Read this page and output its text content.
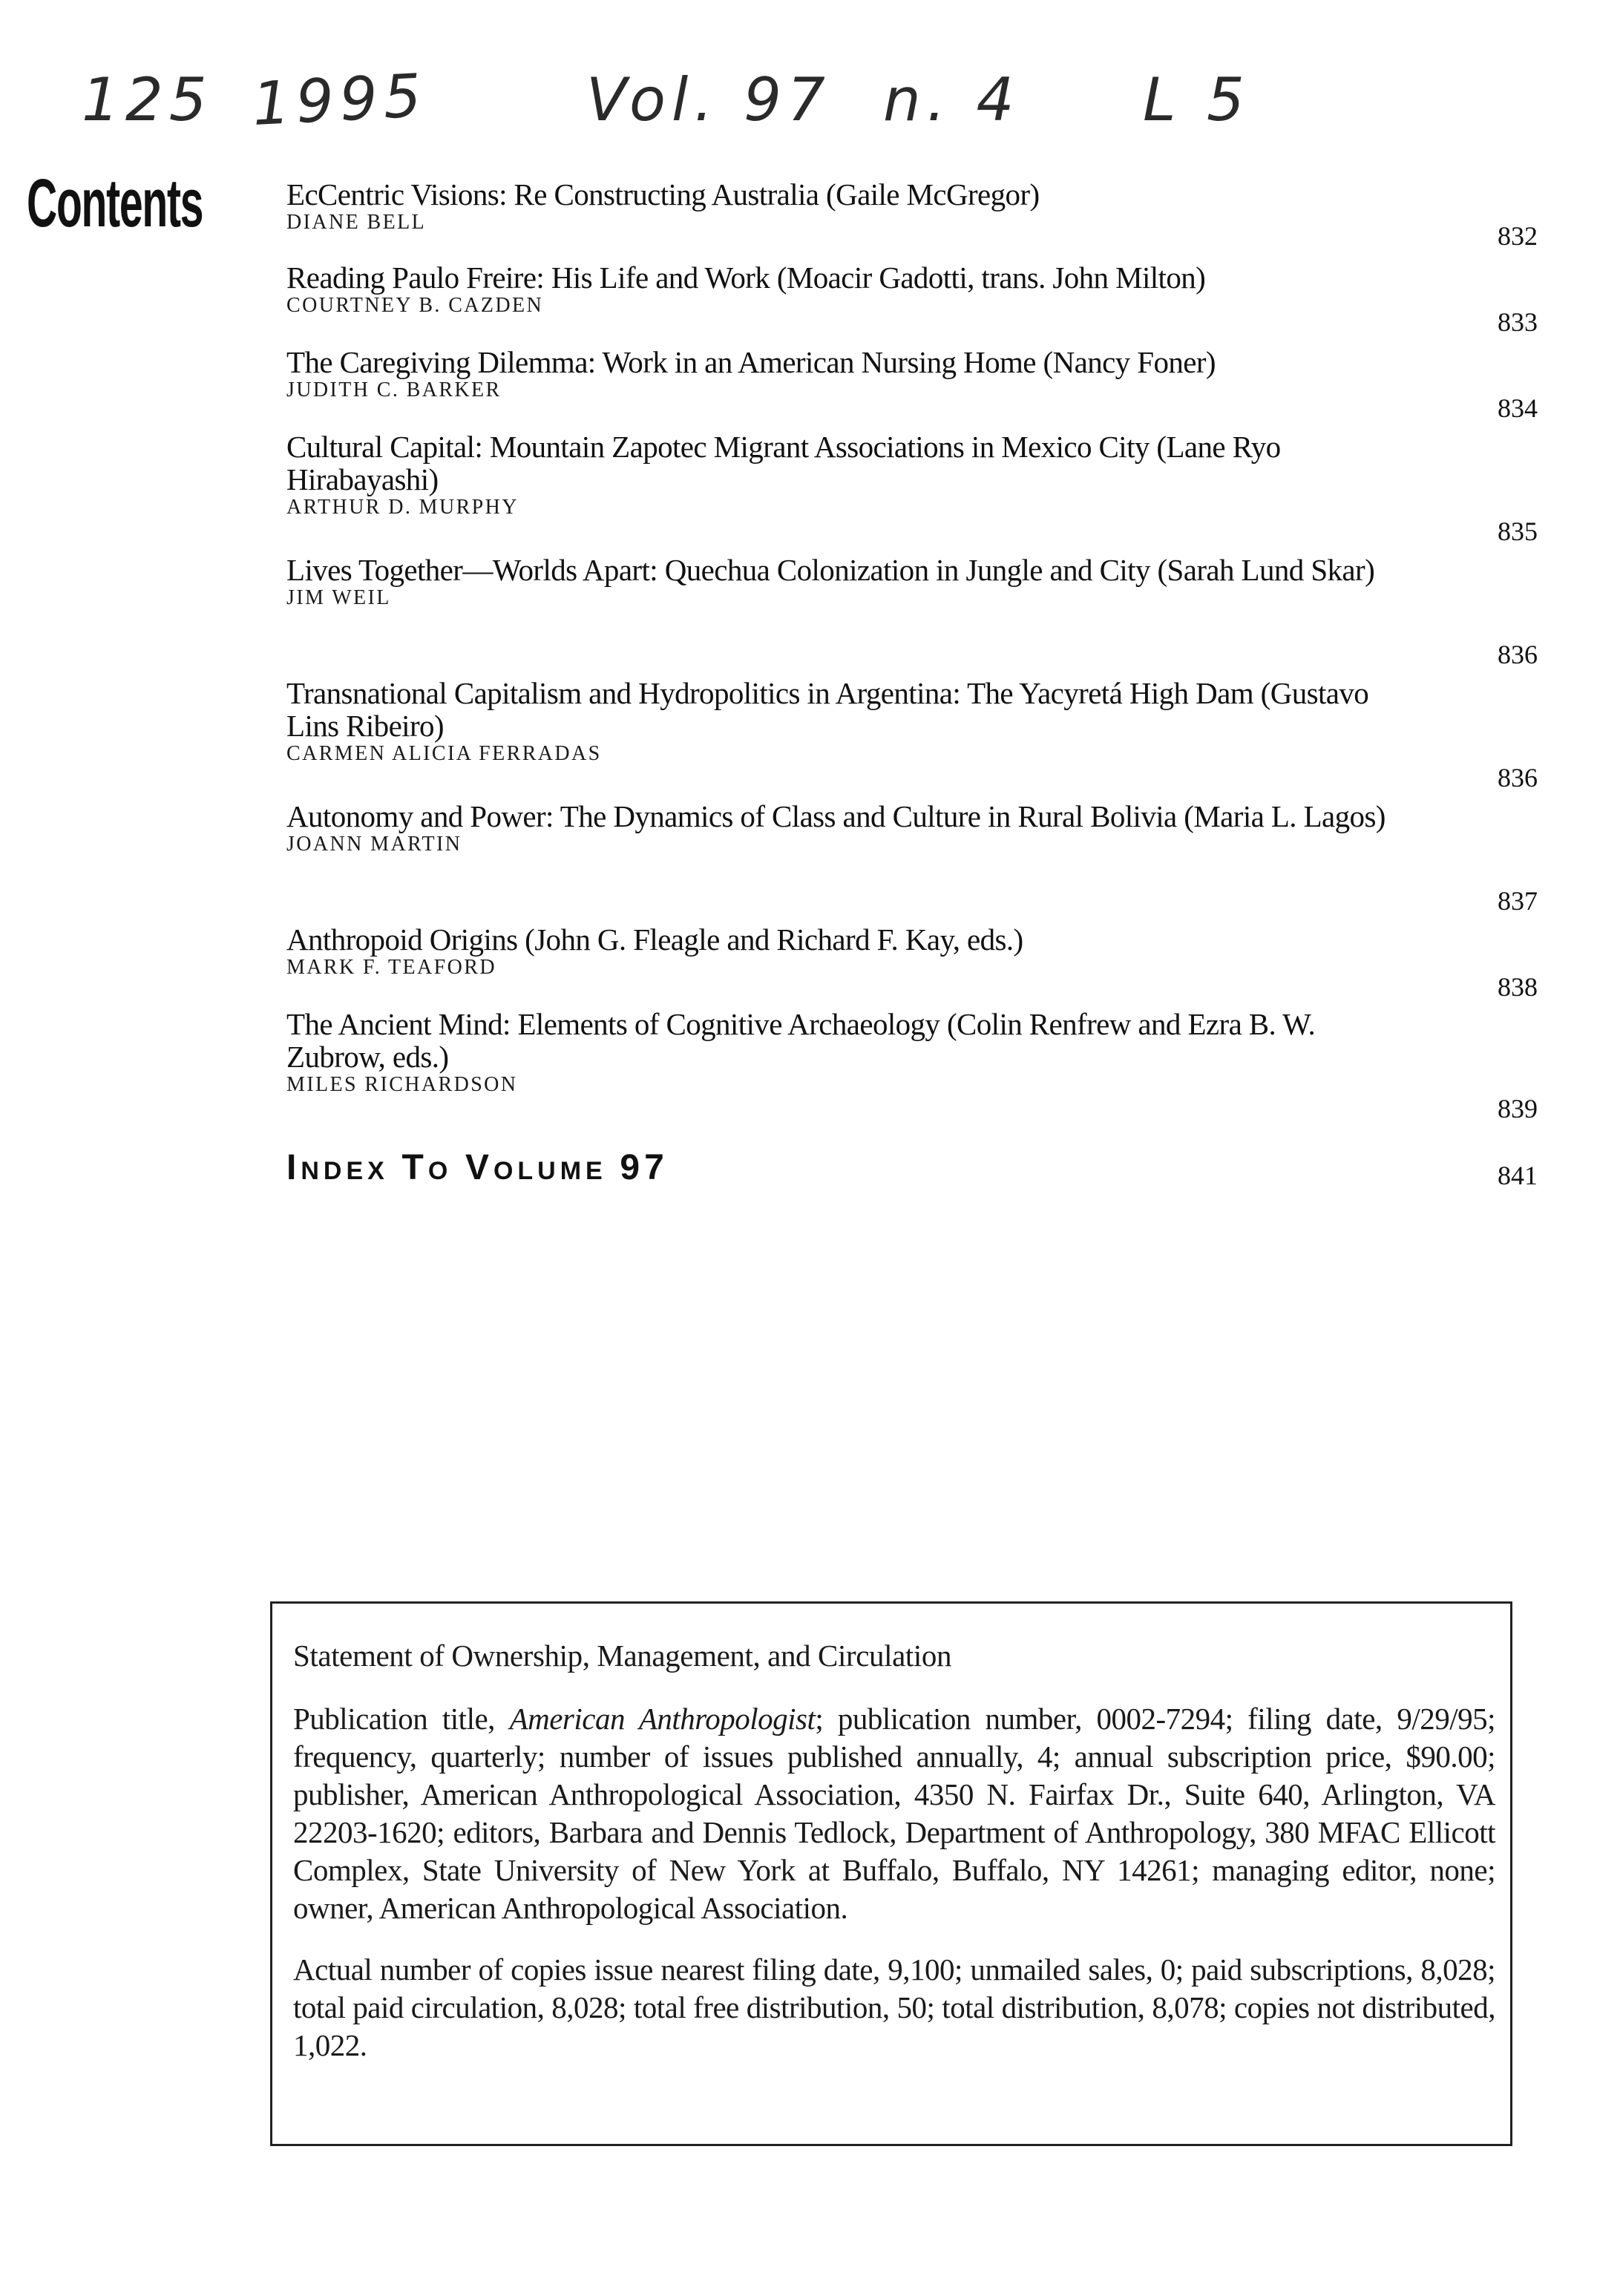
125 1995	Vol. 97 n. 4 L 5
Contents	EcCentric Visions: Re Constructing Australia (Gaile McGregor)
DIANE BELL	832
Reading Paulo Freire: His Life and Work (Moacir Gadotti, trans. John Milton)
COURTNEY B. CAZDEN
833
The Caregiving Dilemma: Work in an American Nursing Home (Nancy Foner)
JUDITH C. BARKER
834
Cultural Capital: Mountain Zapotec Migrant Associations in Mexico City (Lane Ryo Hirabayashi)
ARTHUR D. MURPHY
835
Lives Together—Worlds Apart: Quechua Colonization in Jungle and City (Sarah Lund Skar)
JIM WEIL
836
Transnational Capitalism and Hydropolitics in Argentina: The Yacyretá High Dam (Gustavo Lins Ribeiro)
CARMEN ALICIA FERRADAS
836
Autonomy and Power: The Dynamics of Class and Culture in Rural Bolivia (Maria L. Lagos)
JOANN MARTIN
837
Anthropoid Origins (John G. Fleagle and Richard F. Kay, eds.)
MARK F. TEAFORD
838
The Ancient Mind: Elements of Cognitive Archaeology (Colin Renfrew and Ezra B. W. Zubrow, eds.)
MILES RICHARDSON
839
INDEX TO VOLUME 97	841

Statement of Ownership, Management, and Circulation

Publication title, American Anthropologist; publication number, 0002-7294; filing date, 9/29/95; frequency, quarterly; number of issues published annually, 4; annual subscription price, $90.00; publisher, American Anthropological Association, 4350 N. Fairfax Dr., Suite 640, Arlington, VA 22203-1620; editors, Barbara and Dennis Tedlock, Department of Anthropology, 380 MFAC Ellicott Complex, State University of New York at Buffalo, Buffalo, NY 14261; managing editor, none; owner, American Anthropological Association.

Actual number of copies issue nearest filing date, 9,100; unmailed sales, 0; paid subscriptions, 8,028; total paid circulation, 8,028; total free distribution, 50; total distribution, 8,078; copies not distributed, 1,022.
